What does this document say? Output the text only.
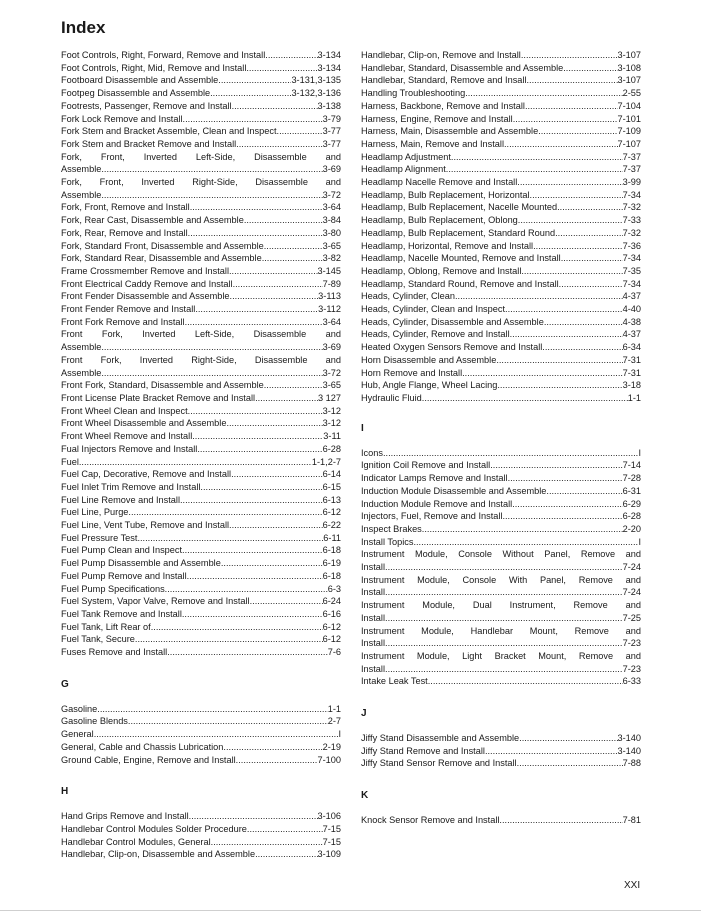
Index
Foot Controls, Right, Forward, Remove and Install .....	3-134
Foot Controls, Right, Mid, Remove and Install .....	3-134
Footboard Disassemble and Assemble .....	3-131,3-135
Footpeg Disassemble and Assemble .....	3-132,3-136
Footrests, Passenger, Remove and Install .....	3-138
Fork Lock Remove and Install .....	3-79
Fork Stem and Bracket Assemble, Clean and Inspect .....	3-77
Fork Stem and Bracket Remove and Install .....	3-77
Fork, Front, Inverted Left-Side, Disassemble and
Assemble .....	3-69
Fork, Front, Inverted Right-Side, Disassemble and
Assemble .....	3-72
Fork, Front, Remove and Install .....	3-64
Fork, Rear Cast, Disassemble and Assemble .....	3-84
Fork, Rear, Remove and Install .....	3-80
Fork, Standard Front, Disassemble and Assemble .....	3-65
Fork, Standard Rear, Disassemble and Assemble .....	3-82
Frame Crossmember Remove and Install .....	3-145
Front Electrical Caddy Remove and Install .....	7-89
Front Fender Disassemble and Assemble .....	3-113
Front Fender Remove and Install .....	3-112
Front Fork Remove and Install .....	3-64
Front Fork, Inverted Left-Side, Disassemble and
Assemble .....	3-69
Front Fork, Inverted Right-Side, Disassemble and
Assemble .....	3-72
Front Fork, Standard, Disassemble and Assemble .....	3-65
Front License Plate Bracket Remove and Install .....	3 127
Front Wheel Clean and Inspect .....	3-12
Front Wheel Disassemble and Assemble .....	3-12
Front Wheel Remove and Install .....	3-11
Fual Injectors Remove and Install .....	6-28
Fuel .....	1-1,2-7
Fuel Cap, Decorative, Remove and Install .....	6-14
Fuel Inlet Trim Remove and Install .....	6-15
Fuel Line Remove and Install .....	6-13
Fuel Line, Purge .....	6-12
Fuel Line, Vent Tube, Remove and Install .....	6-22
Fuel Pressure Test .....	6-11
Fuel Pump Clean and Inspect .....	6-18
Fuel Pump Disassemble and Assemble .....	6-19
Fuel Pump Remove and Install .....	6-18
Fuel Pump Specifications .....	6-3
Fuel System, Vapor Valve, Remove and Install .....	6-24
Fuel Tank Remove and Install .....	6-16
Fuel Tank, Lift Rear of .....	6-12
Fuel Tank, Secure .....	6-12
Fuses Remove and Install .....	7-6
G
Gasoline .....	1-1
Gasoline Blends .....	2-7
General .....	I
General, Cable and Chassis Lubrication .....	2-19
Ground Cable, Engine, Remove and Install .....	7-100
H
Hand Grips Remove and Install .....	3-106
Handlebar Control Modules Solder Procedure .....	7-15
Handlebar Control Modules, General .....	7-15
Handlebar, Clip-on, Disassemble and Assemble .....	3-109
Handlebar, Clip-on, Remove and Install .....	3-107
Handlebar, Standard, Disassemble and Assemble .....	3-108
Handlebar, Standard, Remove and Insall .....	3-107
Handling Troubleshooting .....	2-55
Harness, Backbone, Remove and Install .....	7-104
Harness, Engine, Remove and Install .....	7-101
Harness, Main, Disassemble and Assemble .....	7-109
Harness, Main, Remove and Install .....	7-107
Headlamp Adjustment .....	7-37
Headlamp Alignment .....	7-37
Headlamp Nacelle Remove and Install .....	3-99
Headlamp, Bulb Replacement, Horizontal .....	7-34
Headlamp, Bulb Replacement, Nacelle Mounted .....	7-32
Headlamp, Bulb Replacement, Oblong .....	7-33
Headlamp, Bulb Replacement, Standard Round .....	7-32
Headlamp, Horizontal, Remove and Install .....	7-36
Headlamp, Nacelle Mounted, Remove and Install .....	7-34
Headlamp, Oblong, Remove and Install .....	7-35
Headlamp, Standard Round, Remove and Install .....	7-34
Heads, Cylinder, Clean .....	4-37
Heads, Cylinder, Clean and Inspect .....	4-40
Heads, Cylinder, Disassemble and Assemble .....	4-38
Heads, Cylinder, Remove and Install .....	4-37
Heated Oxygen Sensors Remove and Install .....	6-34
Horn Disassemble and Assemble .....	7-31
Horn Remove and Install .....	7-31
Hub, Angle Flange, Wheel Lacing .....	3-18
Hydraulic Fluid .....	1-1
I
Icons .....	I
Ignition Coil Remove and Install .....	7-14
Indicator Lamps Remove and Install .....	7-28
Induction Module Disassemble and Assemble .....	6-31
Induction Module Remove and Install .....	6-29
Injectors, Fuel, Remove and Install .....	6-28
Inspect Brakes .....	2-20
Install Topics .....	I
Instrument Module, Console Without Panel, Remove and
Install .....	7-24
Instrument Module, Console With Panel, Remove and
Install .....	7-24
Instrument Module, Dual Instrument, Remove and
Install .....	7-25
Instrument Module, Handlebar Mount, Remove and
Install .....	7-23
Instrument Module, Light Bracket Mount, Remove and
Install .....	7-23
Intake Leak Test .....	6-33
J
Jiffy Stand Disassemble and Assemble .....	3-140
Jiffy Stand Remove and Install .....	3-140
Jiffy Stand Sensor Remove and Install .....	7-88
K
Knock Sensor Remove and Install .....	7-81
XXI
